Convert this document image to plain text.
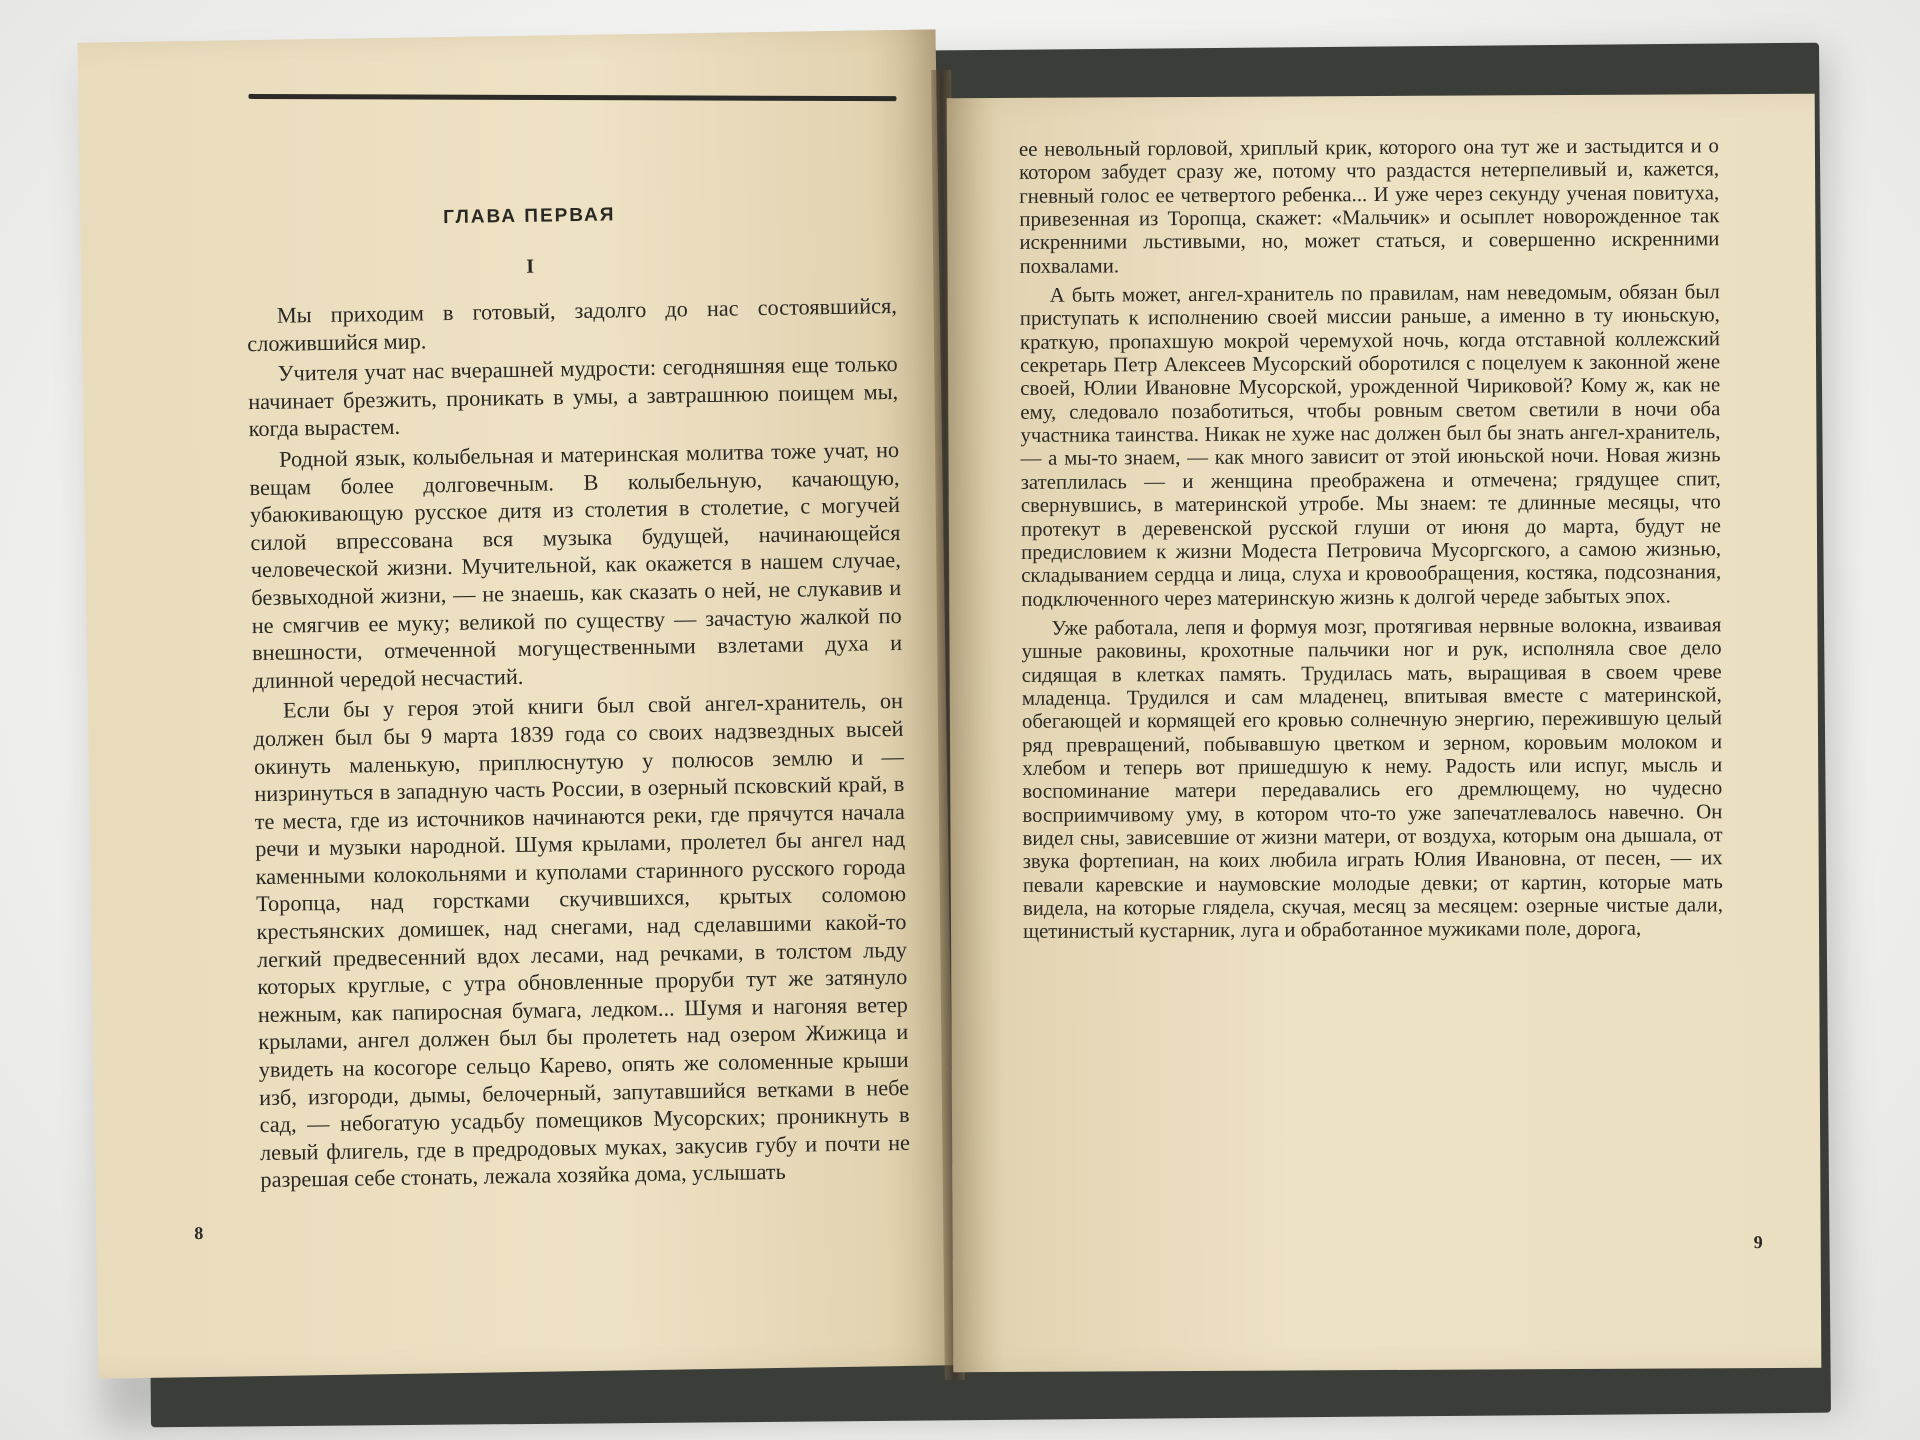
ГЛАВА ПЕРВАЯ
I

Мы приходим в готовый, задолго до нас состоявшийся, сложившийся мир.

Учителя учат нас вчерашней мудрости: сегодняшняя еще только начинает брезжить, проникать в умы, а завтрашнюю поищем мы, когда вырастем.

Родной язык, колыбельная и материнская молитва тоже учат, но вещам более долговечным. В колыбельную, качающую, убаюкивающую русское дитя из столетия в столетие, с могучей силой впрессована вся музыка будущей, начинающейся человеческой жизни. Мучительной, как окажется в нашем случае, безвыходной жизни, — не знаешь, как сказать о ней, не слукавив и не смягчив ее муку; великой по существу — зачастую жалкой по внешности, отмеченной могущественными взлетами духа и длинной чередой несчастий.

Если бы у героя этой книги был свой ангел-хранитель, он должен был бы 9 марта 1839 года со своих надзвездных высей окинуть маленькую, приплюснутую у полюсов землю и — низринуться в западную часть России, в озерный псковский край, в те места, где из источников начинаются реки, где прячутся начала речи и музыки народной. Шумя крылами, пролетел бы ангел над каменными колокольнями и куполами старинного русского города Торопца, над горстками скучившихся, крытых соломою крестьянских домишек, над снегами, над сделавшими какой-то легкий предвесенний вдох лесами, над речками, в толстом льду которых круглые, с утра обновленные проруби тут же затянуло нежным, как папиросная бумага, ледком... Шумя и нагоняя ветер крылами, ангел должен был бы пролететь над озером Жижица и увидеть на косогоре сельцо Карево, опять же соломенные крыши изб, изгороди, дымы, белочерный, запутавшийся ветками в небе сад, — небогатую усадьбу помещиков Мусорских; проникнуть в левый флигель, где в предродовых муках, закусив губу и почти не разрешая себе стонать, лежала хозяйка дома, услышать

8

ее невольный горловой, хриплый крик, которого она тут же и застыдится и о котором забудет сразу же, потому что раздастся нетерпеливый и, кажется, гневный голос ее четвертого ребенка... И уже через секунду ученая повитуха, привезенная из Торопца, скажет: «Мальчик» и осыплет новорожденное так искренними льстивыми, но, может статься, и совершенно искренними похвалами.

А быть может, ангел-хранитель по правилам, нам неведомым, обязан был приступать к исполнению своей миссии раньше, а именно в ту июньскую, краткую, пропахшую мокрой черемухой ночь, когда отставной коллежский секретарь Петр Алексеев Мусорский оборотился с поцелуем к законной жене своей, Юлии Ивановне Мусорской, урожденной Чириковой? Кому ж, как не ему, следовало позаботиться, чтобы ровным светом светили в ночи оба участника таинства. Никак не хуже нас должен был бы знать ангел-хранитель, — а мы-то знаем, — как много зависит от этой июньской ночи. Новая жизнь затеплилась — и женщина преображена и отмечена; грядущее спит, свернувшись, в материнской утробе. Мы знаем: те длинные месяцы, что протекут в деревенской русской глуши от июня до марта, будут не предисловием к жизни Модеста Петровича Мусоргского, а самою жизнью, складыванием сердца и лица, слуха и кровообращения, костяка, подсознания, подключенного через материнскую жизнь к долгой череде забытых эпох.

Уже работала, лепя и формуя мозг, протягивая нервные волокна, изваивая ушные раковины, крохотные пальчики ног и рук, исполняла свое дело сидящая в клетках память. Трудилась мать, выращивая в своем чреве младенца. Трудился и сам младенец, впитывая вместе с материнской, обегающей и кормящей его кровью солнечную энергию, пережившую целый ряд превращений, побывавшую цветком и зерном, коровьим молоком и хлебом и теперь вот пришедшую к нему. Радость или испуг, мысль и воспоминание матери передавались его дремлющему, но чудесно восприимчивому уму, в котором что-то уже запечатлевалось навечно. Он видел сны, зависевшие от жизни матери, от воздуха, которым она дышала, от звука фортепиан, на коих любила играть Юлия Ивановна, от песен, — их певали каревские и наумовские молодые девки; от картин, которые мать видела, на которые глядела, скучая, месяц за месяцем: озерные чистые дали, щетинистый кустарник, луга и обработанное мужиками поле, дорога,

9
